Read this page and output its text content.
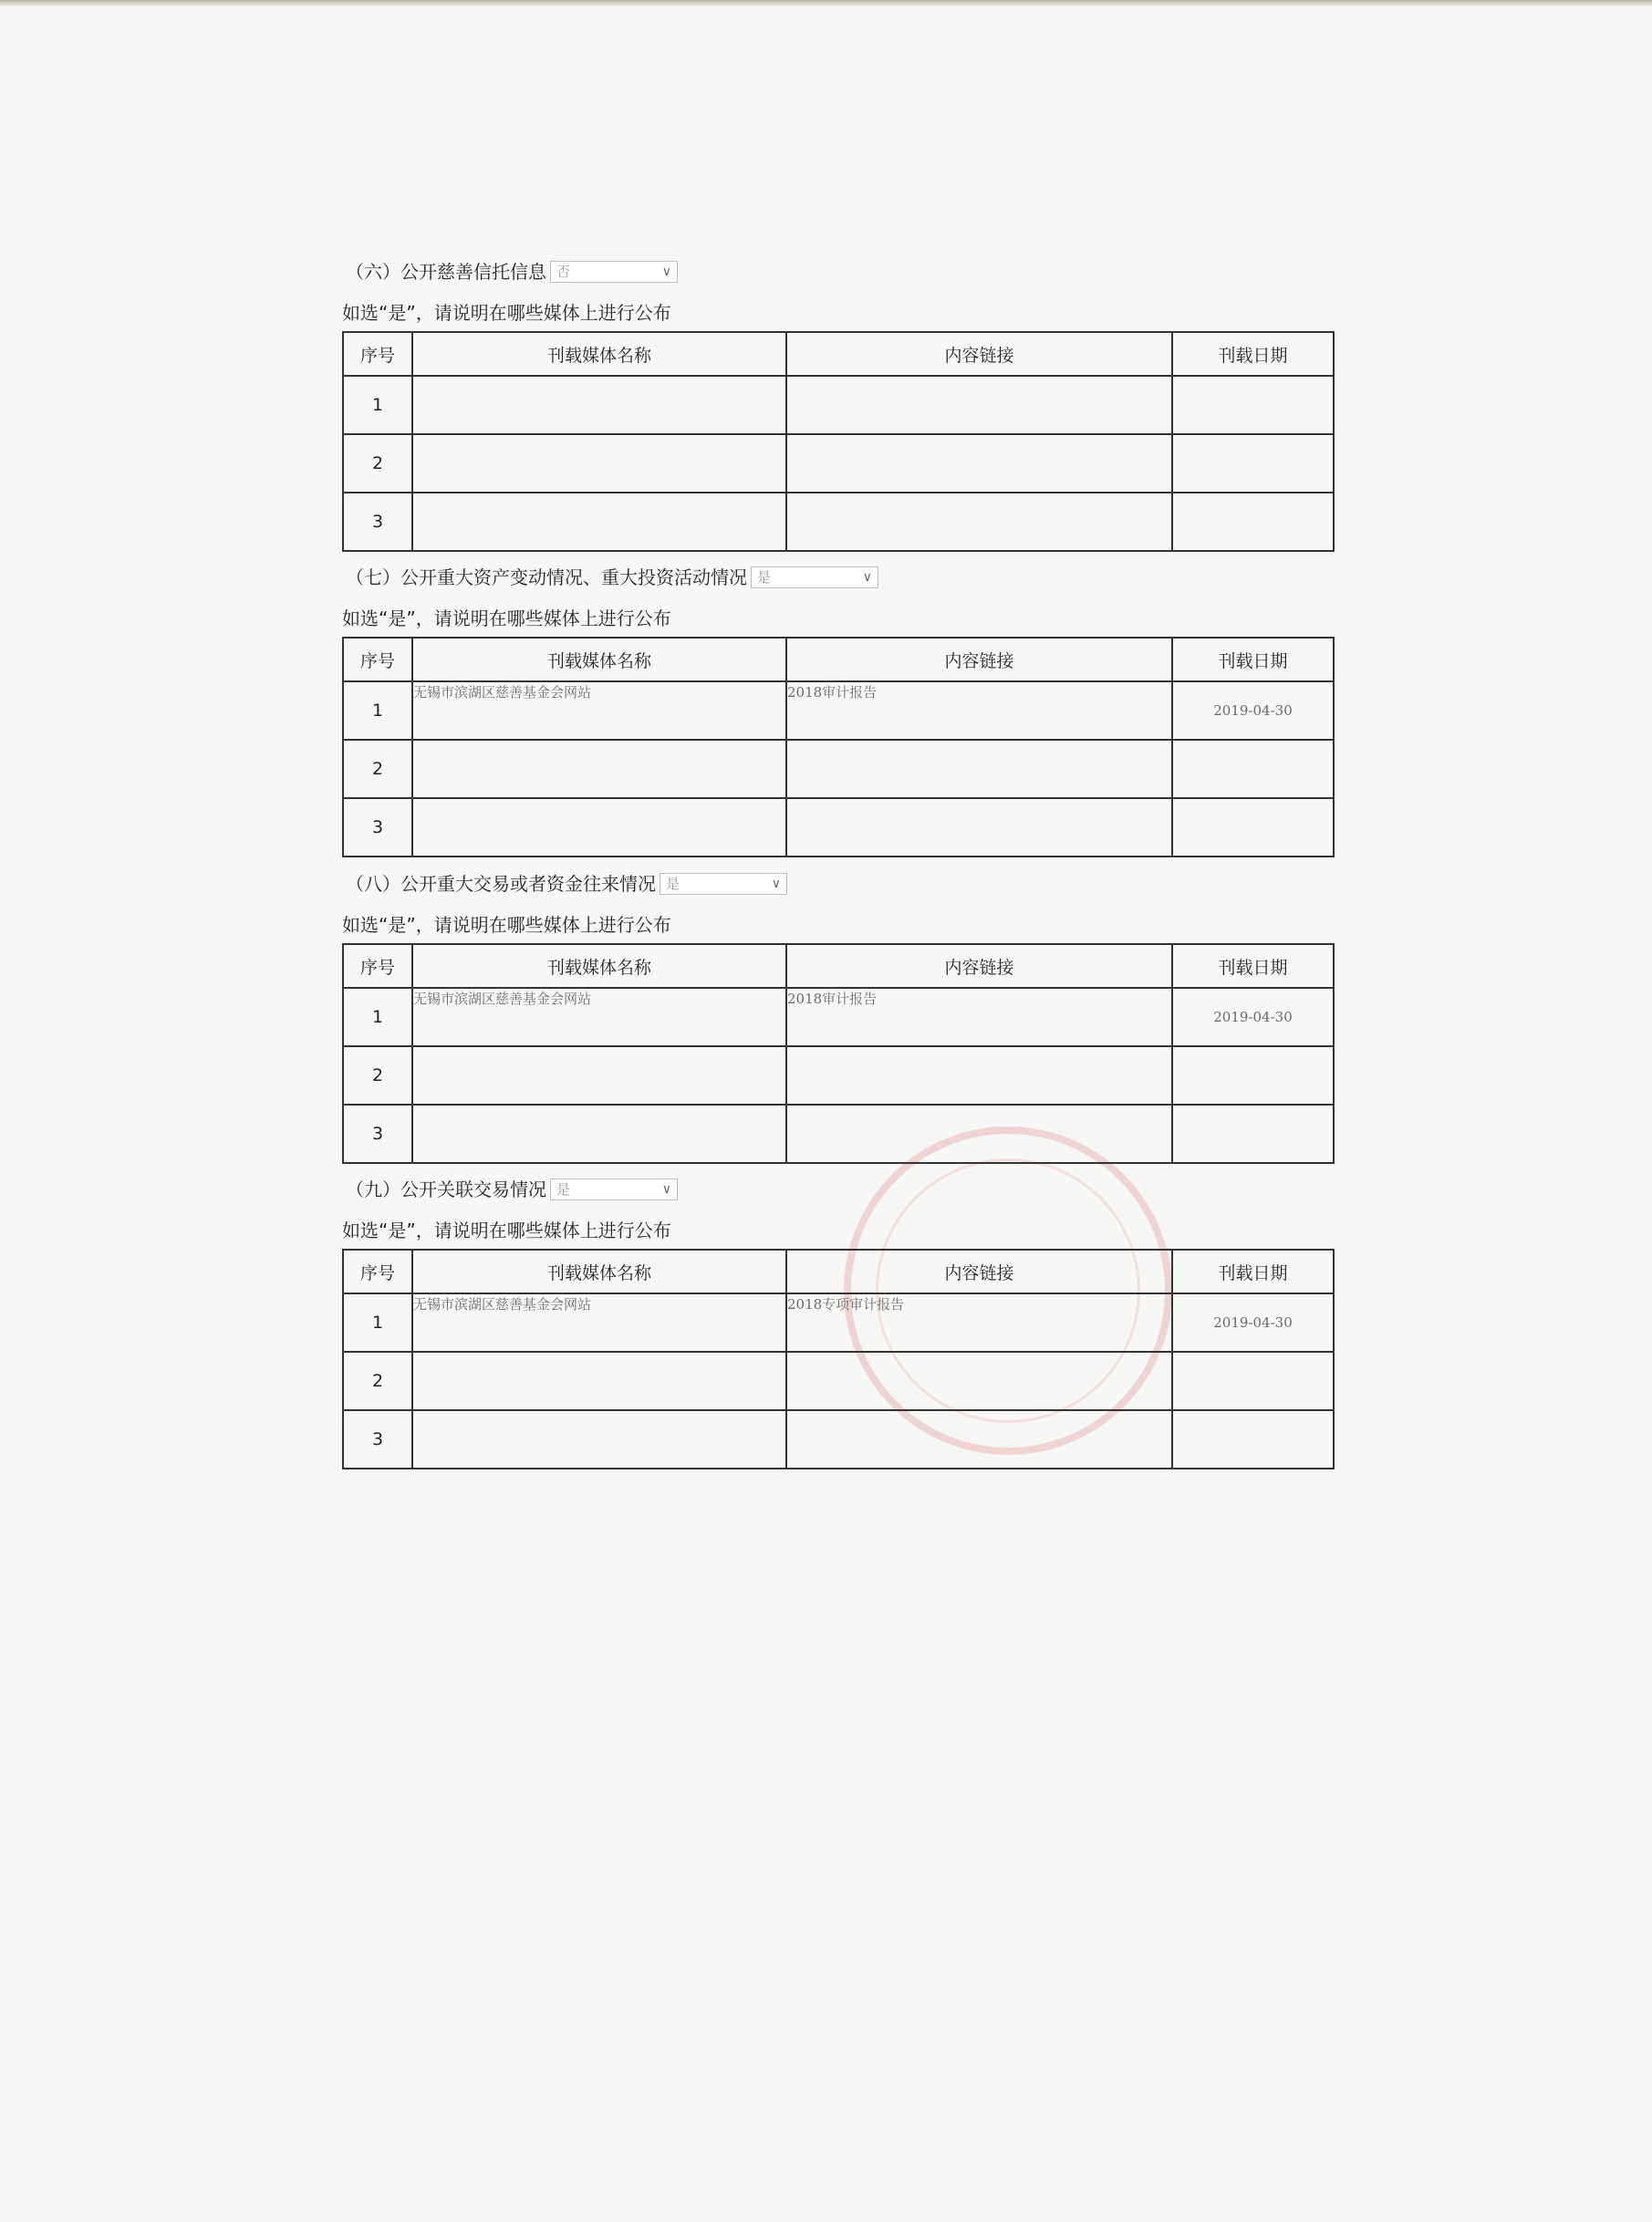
（六）公开慈善信托信息 否	∨
如选“是”，请说明在哪些媒体上进行公布
序号	刊载媒体名称	内容链接	刊载日期
1			
2			
3			
（七）公开重大资产变动情况、重大投资活动情况 是	∨
如选“是”，请说明在哪些媒体上进行公布
序号	刊载媒体名称	内容链接	刊载日期
1	无锡市滨湖区慈善基金会网站	2018审计报告	2019-04-30
2			
3			
（八）公开重大交易或者资金往来情况 是	∨
如选“是”，请说明在哪些媒体上进行公布
序号	刊载媒体名称	内容链接	刊载日期
1	无锡市滨湖区慈善基金会网站	2018审计报告	2019-04-30
2			
3			
（九）公开关联交易情况 是	∨
如选“是”，请说明在哪些媒体上进行公布
序号	刊载媒体名称	内容链接	刊载日期
1	无锡市滨湖区慈善基金会网站	2018专项审计报告	2019-04-30
2			
3			
